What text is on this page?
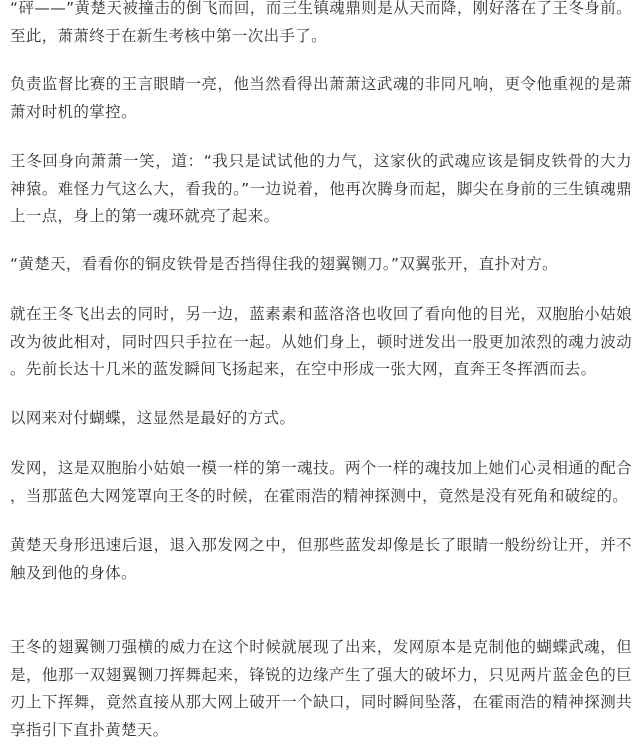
“砰——”黄楚天被撞击的倒飞而回，而三生镇魂鼎则是从天而降，刚好落在了王冬身前。至此，萧萧终于在新生考核中第一次出手了。

负责监督比赛的王言眼睛一亮，他当然看得出萧萧这武魂的非同凡响，更令他重视的是萧萧对时机的掌控。

王冬回身向萧萧一笑，道：“我只是试试他的力气，这家伙的武魂应该是铜皮铁骨的大力神猿。难怪力气这么大，看我的。”一边说着，他再次腾身而起，脚尖在身前的三生镇魂鼎上一点，身上的第一魂环就亮了起来。

“黄楚天，看看你的铜皮铁骨是否挡得住我的翅翼铡刀。”双翼张开，直扑对方。

就在王冬飞出去的同时，另一边，蓝素素和蓝洛洛也收回了看向他的目光，双胞胎小姑娘改为彼此相对，同时四只手拉在一起。从她们身上，顿时迸发出一股更加浓烈的魂力波动。先前长达十几米的蓝发瞬间飞扬起来，在空中形成一张大网，直奔王冬挥洒而去。

以网来对付蝴蝶，这显然是最好的方式。

发网，这是双胞胎小姑娘一模一样的第一魂技。两个一样的魂技加上她们心灵相通的配合，当那蓝色大网笼罩向王冬的时候，在霍雨浩的精神探测中，竟然是没有死角和破绽的。

黄楚天身形迅速后退，退入那发网之中，但那些蓝发却像是长了眼睛一般纷纷让开，并不触及到他的身体。

王冬的翅翼铡刀强横的威力在这个时候就展现了出来，发网原本是克制他的蝴蝶武魂，但是，他那一双翅翼铡刀挥舞起来，锋锐的边缘产生了强大的破坏力，只见两片蓝金色的巨刃上下挥舞，竟然直接从那大网上破开一个缺口，同时瞬间坠落，在霍雨浩的精神探测共享指引下直扑黄楚天。
